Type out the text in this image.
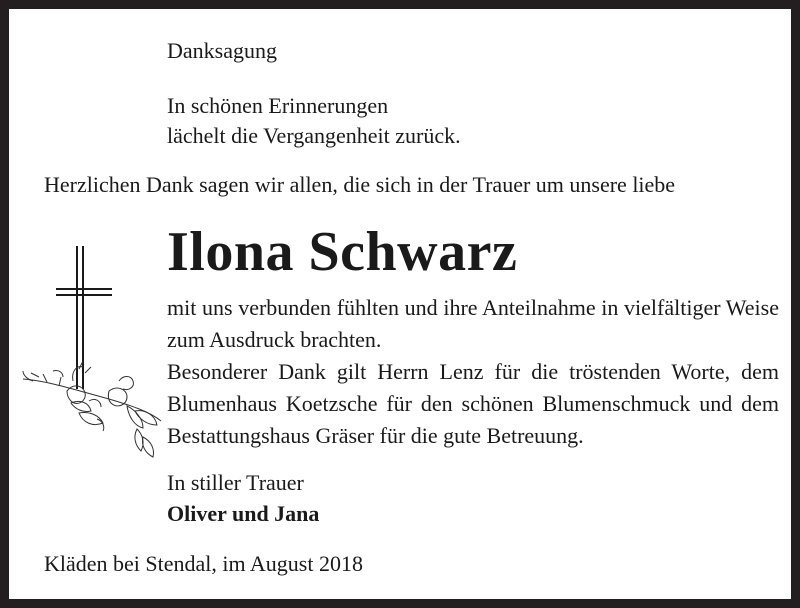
Danksagung

In schönen Erinnerungen

lächelt die Vergangenheit zurück.

Herzlichen Dank sagen wir allen, die sich in der Trauer um unsere liebe

Ilona Schwarz

mit uns verbunden fühlten und ihre Anteilnahme in vielfältiger Weise zum Ausdruck brachten.

Besonderer Dank gilt Herrn Lenz für die tröstenden Worte, dem Blumenhaus Koetzsche für den schönen Blumenschmuck und dem Bestattungshaus Gräser für die gute Betreuung.

In stiller Trauer

Oliver und Jana

Kläden bei Stendal, im August 2018
